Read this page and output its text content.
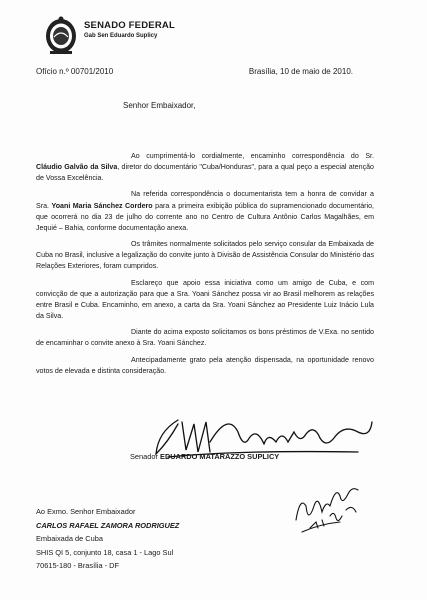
SENADO FEDERAL
Gab Sen Eduardo Suplicy
Ofício n.º 00701/2010	Brasília, 10 de maio de 2010.
Senhor Embaixador,

Ao cumprimentá-lo cordialmente, encaminho correspondência do Sr. Cláudio Galvão da Silva, diretor do documentário "Cuba/Honduras", para a qual peço a especial atenção de Vossa Excelência.

Na referida correspondência o documentarista tem a honra de convidar a Sra. Yoani Maria Sánchez Cordero para a primeira exibição pública do supramencionado documentário, que ocorrerá no dia 23 de julho do corrente ano no Centro de Cultura Antônio Carlos Magalhães, em Jequié – Bahia, conforme documentação anexa.

Os trâmites normalmente solicitados pelo serviço consular da Embaixada de Cuba no Brasil, inclusive a legalização do convite junto à Divisão de Assistência Consular do Ministério das Relações Exteriores, foram cumpridos.

Esclareço que apoio essa iniciativa como um amigo de Cuba, e com convicção de que a autorização para que a Sra. Yoani Sánchez possa vir ao Brasil melhorem as relações entre Brasil e Cuba. Encaminho, em anexo, a carta da Sra. Yoani Sánchez ao Presidente Luiz Inácio Lula da Silva.

Diante do acima exposto solicitamos os bons préstimos de V.Exa. no sentido de encaminhar o convite anexo à Sra. Yoani Sánchez.

Antecipadamente grato pela atenção dispensada, na oportunidade renovo votos de elevada e distinta consideração.

Senador EDUARDO MATARAZZO SUPLICY
Ao Exmo. Senhor Embaixador
CARLOS RAFAEL ZAMORA RODRIGUEZ
Embaixada de Cuba
SHIS QI 5, conjunto 18, casa 1 - Lago Sul
70615-180 - Brasília - DF
